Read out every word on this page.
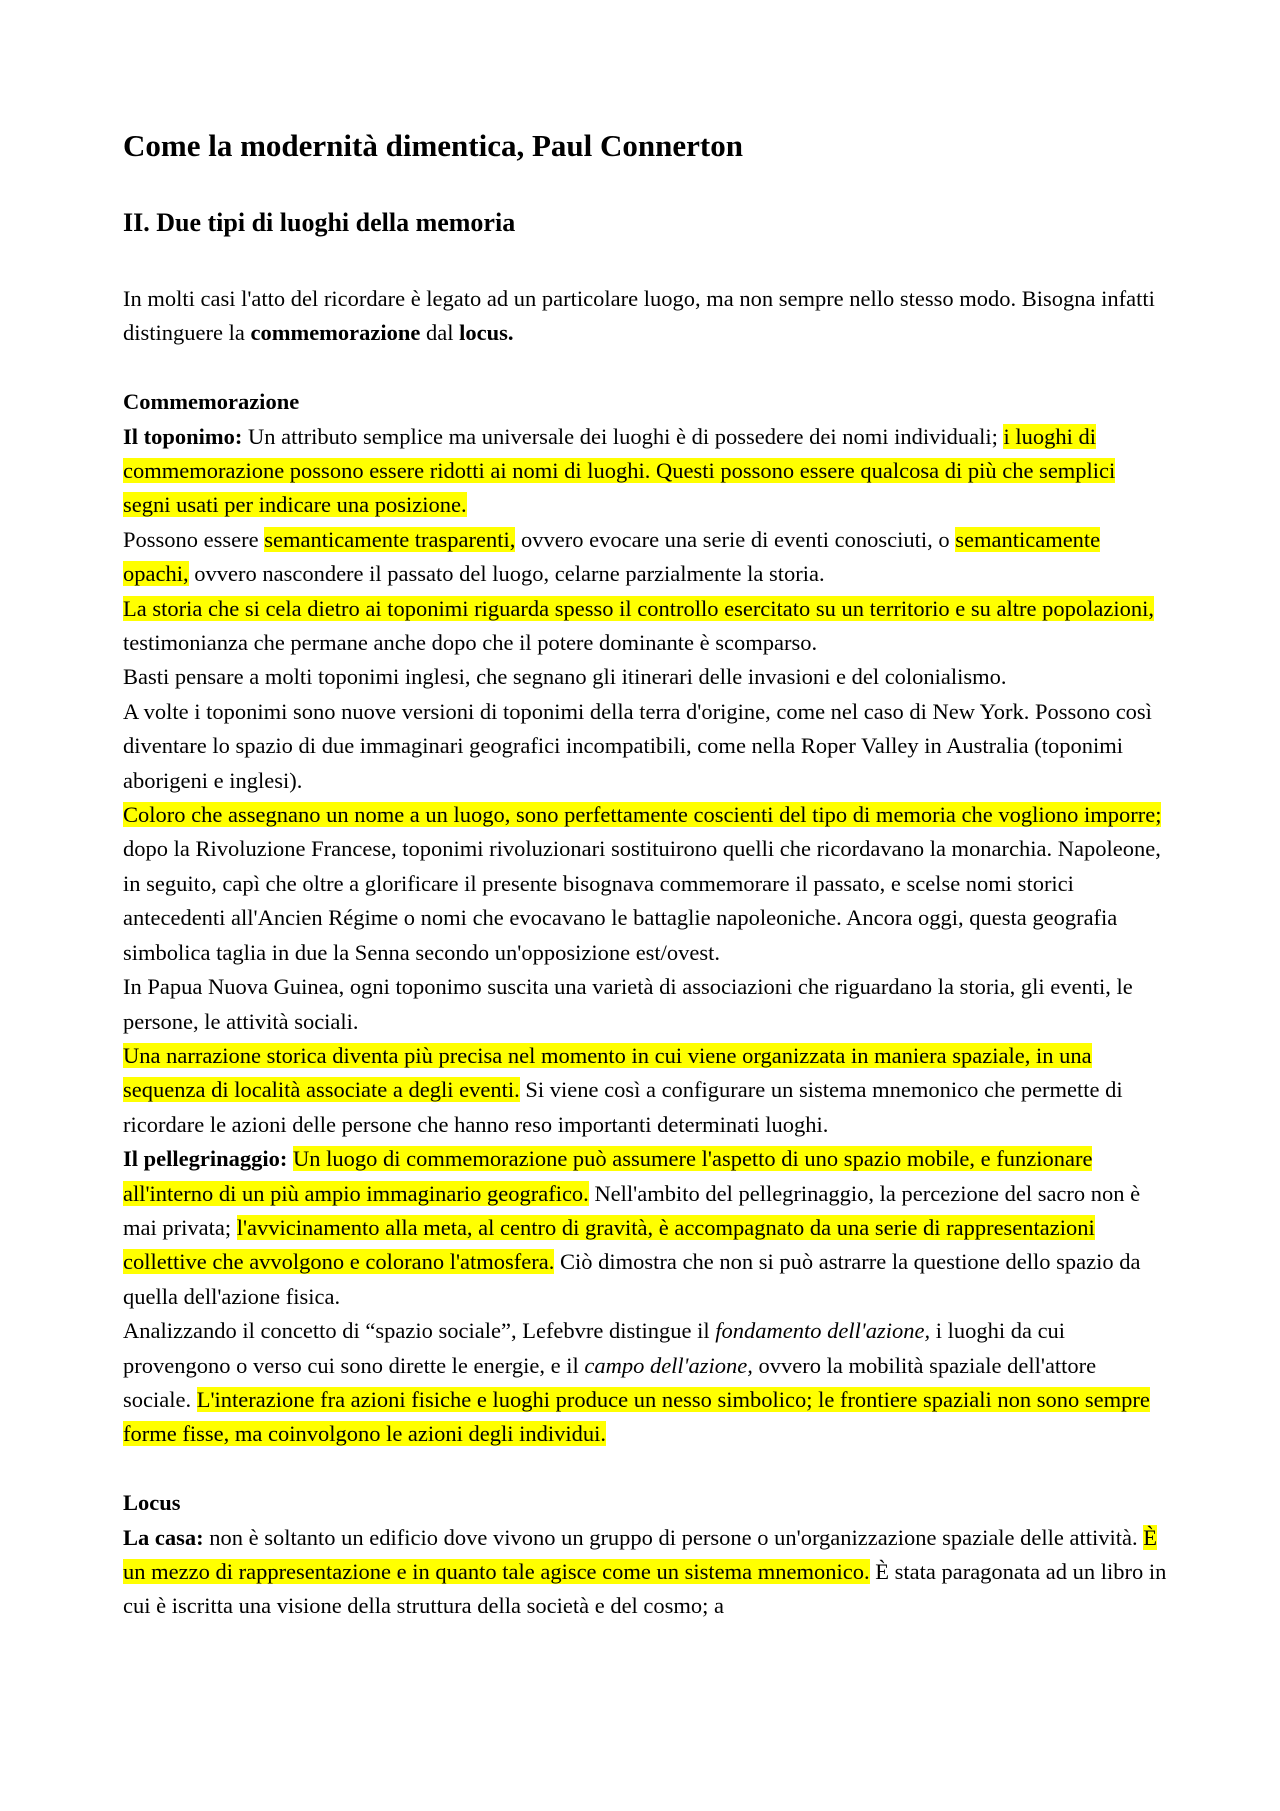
Come la modernità dimentica, Paul Connerton
II. Due tipi di luoghi della memoria

In molti casi l'atto del ricordare è legato ad un particolare luogo, ma non sempre nello stesso modo. Bisogna infatti distinguere la commemorazione dal locus.

Commemorazione

Il toponimo: Un attributo semplice ma universale dei luoghi è di possedere dei nomi individuali; i luoghi di commemorazione possono essere ridotti ai nomi di luoghi. Questi possono essere qualcosa di più che semplici segni usati per indicare una posizione.

Possono essere semanticamente trasparenti, ovvero evocare una serie di eventi conosciuti, o semanticamente opachi, ovvero nascondere il passato del luogo, celarne parzialmente la storia.

La storia che si cela dietro ai toponimi riguarda spesso il controllo esercitato su un territorio e su altre popolazioni, testimonianza che permane anche dopo che il potere dominante è scomparso.

Basti pensare a molti toponimi inglesi, che segnano gli itinerari delle invasioni e del colonialismo.

A volte i toponimi sono nuove versioni di toponimi della terra d'origine, come nel caso di New York. Possono così diventare lo spazio di due immaginari geografici incompatibili, come nella Roper Valley in Australia (toponimi aborigeni e inglesi).

Coloro che assegnano un nome a un luogo, sono perfettamente coscienti del tipo di memoria che vogliono imporre; dopo la Rivoluzione Francese, toponimi rivoluzionari sostituirono quelli che ricordavano la monarchia. Napoleone, in seguito, capì che oltre a glorificare il presente bisognava commemorare il passato, e scelse nomi storici antecedenti all'Ancien Régime o nomi che evocavano le battaglie napoleoniche. Ancora oggi, questa geografia simbolica taglia in due la Senna secondo un'opposizione est/ovest.

In Papua Nuova Guinea, ogni toponimo suscita una varietà di associazioni che riguardano la storia, gli eventi, le persone, le attività sociali.

Una narrazione storica diventa più precisa nel momento in cui viene organizzata in maniera spaziale, in una sequenza di località associate a degli eventi. Si viene così a configurare un sistema mnemonico che permette di ricordare le azioni delle persone che hanno reso importanti determinati luoghi.

Il pellegrinaggio: Un luogo di commemorazione può assumere l'aspetto di uno spazio mobile, e funzionare all'interno di un più ampio immaginario geografico. Nell'ambito del pellegrinaggio, la percezione del sacro non è mai privata; l'avvicinamento alla meta, al centro di gravità, è accompagnato da una serie di rappresentazioni collettive che avvolgono e colorano l'atmosfera. Ciò dimostra che non si può astrarre la questione dello spazio da quella dell'azione fisica.

Analizzando il concetto di “spazio sociale”, Lefebvre distingue il fondamento dell'azione, i luoghi da cui provengono o verso cui sono dirette le energie, e il campo dell'azione, ovvero la mobilità spaziale dell'attore sociale. L'interazione fra azioni fisiche e luoghi produce un nesso simbolico; le frontiere spaziali non sono sempre forme fisse, ma coinvolgono le azioni degli individui.

Locus

La casa: non è soltanto un edificio dove vivono un gruppo di persone o un'organizzazione spaziale delle attività. È un mezzo di rappresentazione e in quanto tale agisce come un sistema mnemonico. È stata paragonata ad un libro in cui è iscritta una visione della struttura della società e del cosmo; a
